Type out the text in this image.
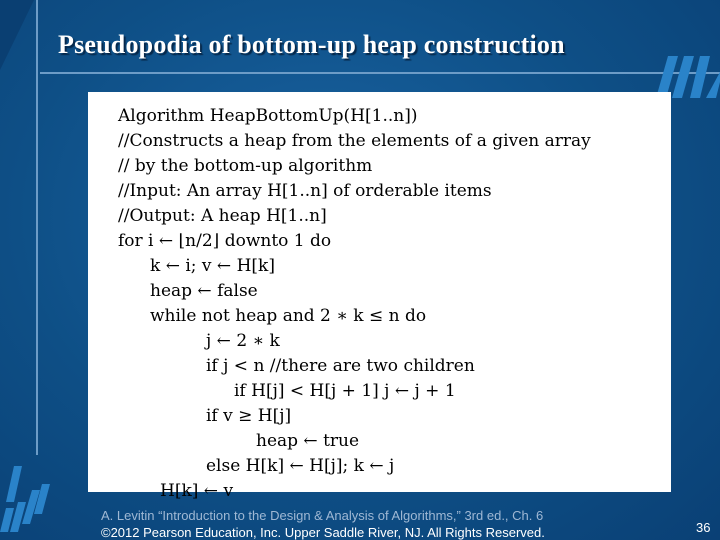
Pseudopodia of bottom-up heap construction
Algorithm HeapBottomUp(H[1..n])
//Constructs a heap from the elements of a given array
// by the bottom-up algorithm
//Input: An array H[1..n] of orderable items
//Output: A heap H[1..n]
for i ← ⌊n/2⌋ downto 1 do
k ← i; v ← H[k]
heap ← false
while not heap and 2 ∗ k ≤ n do
j ← 2 ∗ k
if j < n //there are two children
if H[j] < H[j + 1] j ← j + 1
if v ≥ H[j]
heap ← true
else H[k] ← H[j]; k ← j
H[k] ← v
A. Levitin “Introduction to the Design & Analysis of Algorithms,” 3rd ed., Ch. 6
©2012 Pearson Education, Inc. Upper Saddle River, NJ. All Rights Reserved.	36
